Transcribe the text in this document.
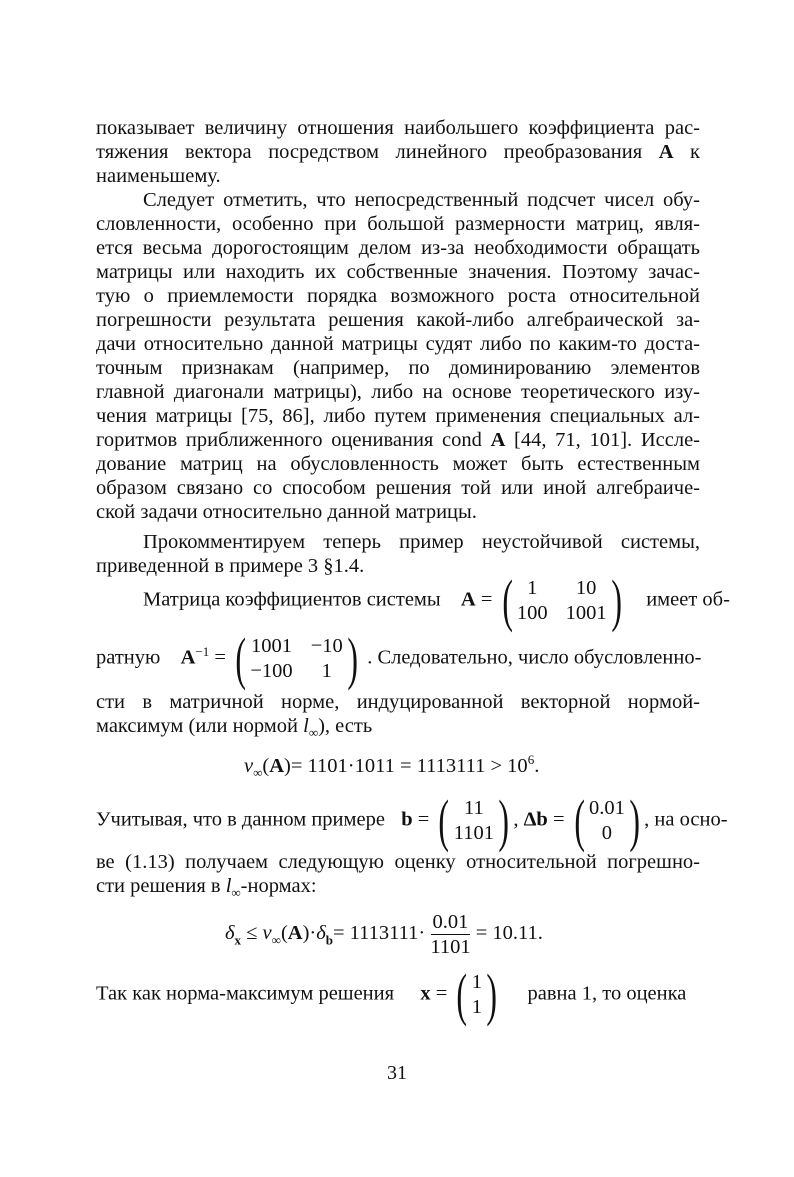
показывает величину отношения наибольшего коэффициента рас-
тяжения вектора посредством линейного преобразования A к
наименьшему.
Следует отметить, что непосредственный подсчет чисел обу-
словленности, особенно при большой размерности матриц, явля-
ется весьма дорогостоящим делом из-за необходимости обращать
матрицы или находить их собственные значения. Поэтому зачас-
тую о приемлемости порядка возможного роста относительной
погрешности результата решения какой-либо алгебраической за-
дачи относительно данной матрицы судят либо по каким-то доста-
точным признакам (например, по доминированию элементов
главной диагонали матрицы), либо на основе теоретического изу-
чения матрицы [75, 86], либо путем применения специальных ал-
горитмов приближенного оценивания cond A [44, 71, 101]. Иссле-
дование матриц на обусловленность может быть естественным
образом связано со способом решения той или иной алгебраиче-
ской задачи относительно данной матрицы.
Прокомментируем теперь пример неустойчивой системы,
приведенной в примере 3 §1.4.
Матрица коэффициентов системы A = ( 1	10
100 1001 ) имеет об-
ратную $A^{-1}$ = ( 1001 −10
−100	1 ) . Следовательно, число обусловленно-
сти в матричной норме, индуцированной векторной нормой-
максимум (или нормой $l_\infty$), есть
$\nu_\infty(A)= 1101\cdot 1011 = 1113111 > 10^6$.
Учитывая, что в данном примере b = ( 11
1101 ) , Δb = ( 0.01
0 ) , на осно-
ве (1.13) получаем следующую оценку относительной погрешно-
сти решения в $l_\infty$-нормах:
$\delta_x \le \nu_\infty(A)\cdot\delta_b= 1113111\cdot \frac{0.01}{1101} = 10.11$.
Так как норма-максимум решения x = ( 1
1 ) равна 1, то оценка
31
